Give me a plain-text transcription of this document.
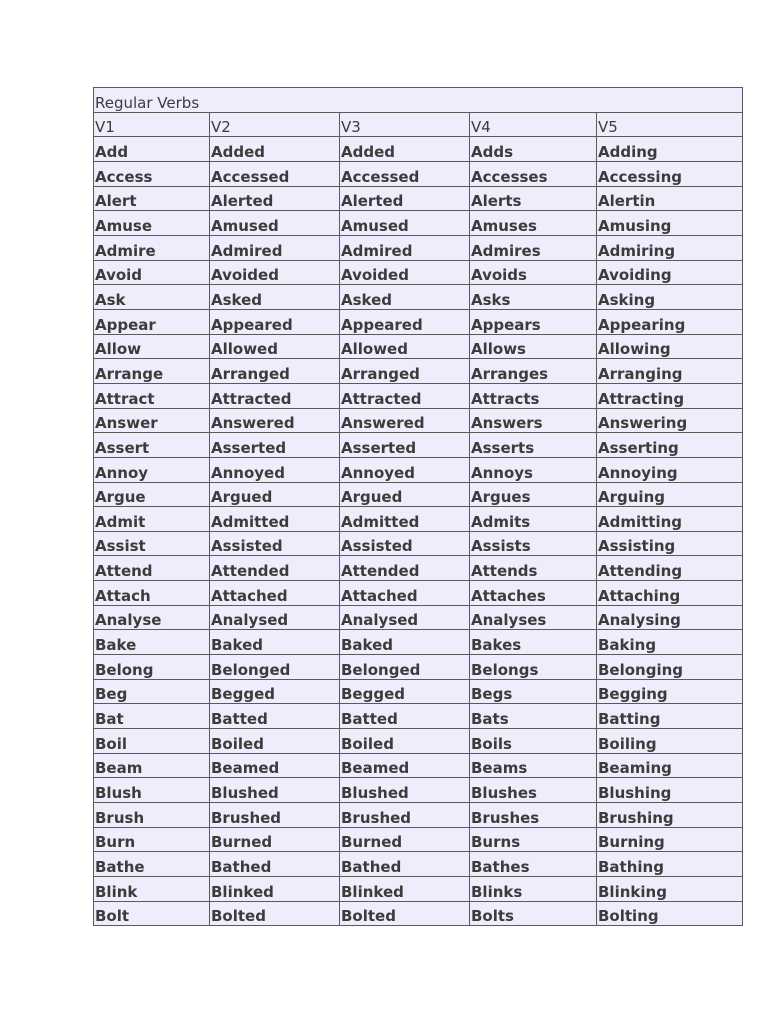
Regular Verbs				
V1	V2	V3	V4	V5
Add	Added	Added	Adds	Adding
Access	Accessed	Accessed	Accesses	Accessing
Alert	Alerted	Alerted	Alerts	Alertin
Amuse	Amused	Amused	Amuses	Amusing
Admire	Admired	Admired	Admires	Admiring
Avoid	Avoided	Avoided	Avoids	Avoiding
Ask	Asked	Asked	Asks	Asking
Appear	Appeared	Appeared	Appears	Appearing
Allow	Allowed	Allowed	Allows	Allowing
Arrange	Arranged	Arranged	Arranges	Arranging
Attract	Attracted	Attracted	Attracts	Attracting
Answer	Answered	Answered	Answers	Answering
Assert	Asserted	Asserted	Asserts	Asserting
Annoy	Annoyed	Annoyed	Annoys	Annoying
Argue	Argued	Argued	Argues	Arguing
Admit	Admitted	Admitted	Admits	Admitting
Assist	Assisted	Assisted	Assists	Assisting
Attend	Attended	Attended	Attends	Attending
Attach	Attached	Attached	Attaches	Attaching
Analyse	Analysed	Analysed	Analyses	Analysing
Bake	Baked	Baked	Bakes	Baking
Belong	Belonged	Belonged	Belongs	Belonging
Beg	Begged	Begged	Begs	Begging
Bat	Batted	Batted	Bats	Batting
Boil	Boiled	Boiled	Boils	Boiling
Beam	Beamed	Beamed	Beams	Beaming
Blush	Blushed	Blushed	Blushes	Blushing
Brush	Brushed	Brushed	Brushes	Brushing
Burn	Burned	Burned	Burns	Burning
Bathe	Bathed	Bathed	Bathes	Bathing
Blink	Blinked	Blinked	Blinks	Blinking
Bolt	Bolted	Bolted	Bolts	Bolting
